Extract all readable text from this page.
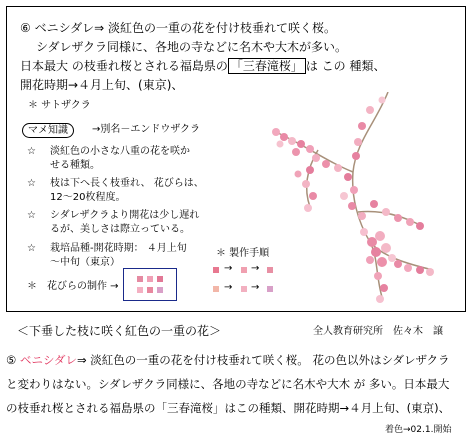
⑥ ベニシダレ⇒ 淡紅色の一重の花を付け枝垂れて咲く桜。
シダレザクラ同様に、各地の寺などに名木や大木が多い。
日本最大 の枝垂れ桜とされる福島県の 「三春滝桜」 は この 種類、
開花時期→４月上旬、(東京)、
＊ サトザクラ
マメ知識	→別名－エンドウザクラ
☆ 淡紅色の小さな八重の花を咲か
せる種類。
☆ 枝は下へ長く枝垂れ、 花びらは、
12～20枚程度。
☆ シダレザクラより開花は少し遅れ
るが、美しさは際立っている。
☆ 栽培品種‐開花時期： ４月上旬
～中旬（東京）
＊　花びらの制作 →
＊ 製作手順
→ →
→ →
＜下垂した枝に咲く紅色の一重の花＞	全人教育研究所　佐々木　譲
⑤ ベニシダレ⇒ 淡紅色の一重の花を付け枝垂れて咲く桜。 花の色以外はシダレザクラ
と変わりはない。シダレザクラ同様に、各地の寺などに名木や大木 が 多い。日本最大
の枝垂れ桜とされる福島県の「三春滝桜」はこの種類、開花時期→４月上旬、(東京)、
着色→02.1.開始
